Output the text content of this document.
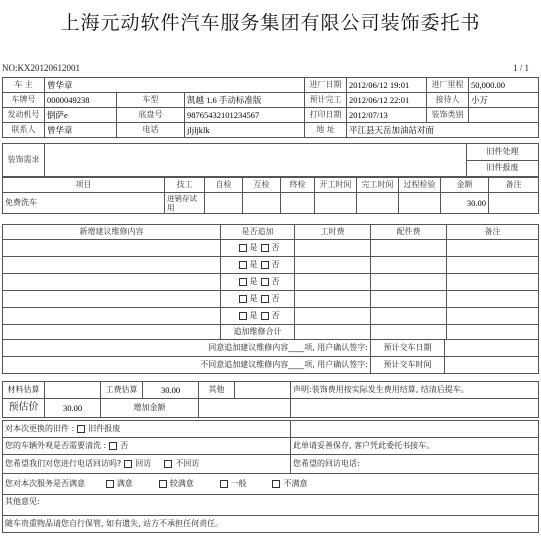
上海元动软件汽车服务集团有限公司装饰委托书
NO:KX20120612001	1 / 1
车 主	曾华章			进厂日期	2012/06/12 19:01	进厂里程	50,000.00
车牌号	0000049238	车型	凯越 1.6 手动标准版	预计完工	2012/06/12 22:01	接待人	小万
发动机号	倒萨e	底盘号	98765432101234567	打印日期	2012/07/13	装饰类别	
联系人	曾华章	电话	jljljklk	地 址	平江县天岳加油站对面		
装饰需求		旧件处理
旧件报废
项目	技工	自检	互检	终检	开工时间	完工时间	过程检验	金额	备注
免费洗车	进销存试用							30.00	
新增建议维修内容	是否追加	工时费	配件费	备注
	是 否			
	是 否			
	是 否			
	是 否			
	是 否			
	追加维修合计			
同意追加建议维修内容____项, 用户确认签字:	预计交车日期	
不同意追加建议维修内容____项, 用户确认签字:	预计交车时间	
材料估算		工费估算	30.00	其他		声明:装饰费用按实际发生费用结算, 结清后提车。
预估价	30.00	增加金额				
对本次更换的旧件 : 旧件报废	
您的车辆外观是否需要清洗 : 否	此单请妥善保存, 客户凭此委托书接车。
您希望我们对您进行电话回访吗? 回访 不回访	您希望的回访电话:
您对本次服务是否满意 满意 较满意 一般 不满意	
其他意见:	
随车贵重物品请您自行保管, 如有遗失, 站方不承担任何责任。	
